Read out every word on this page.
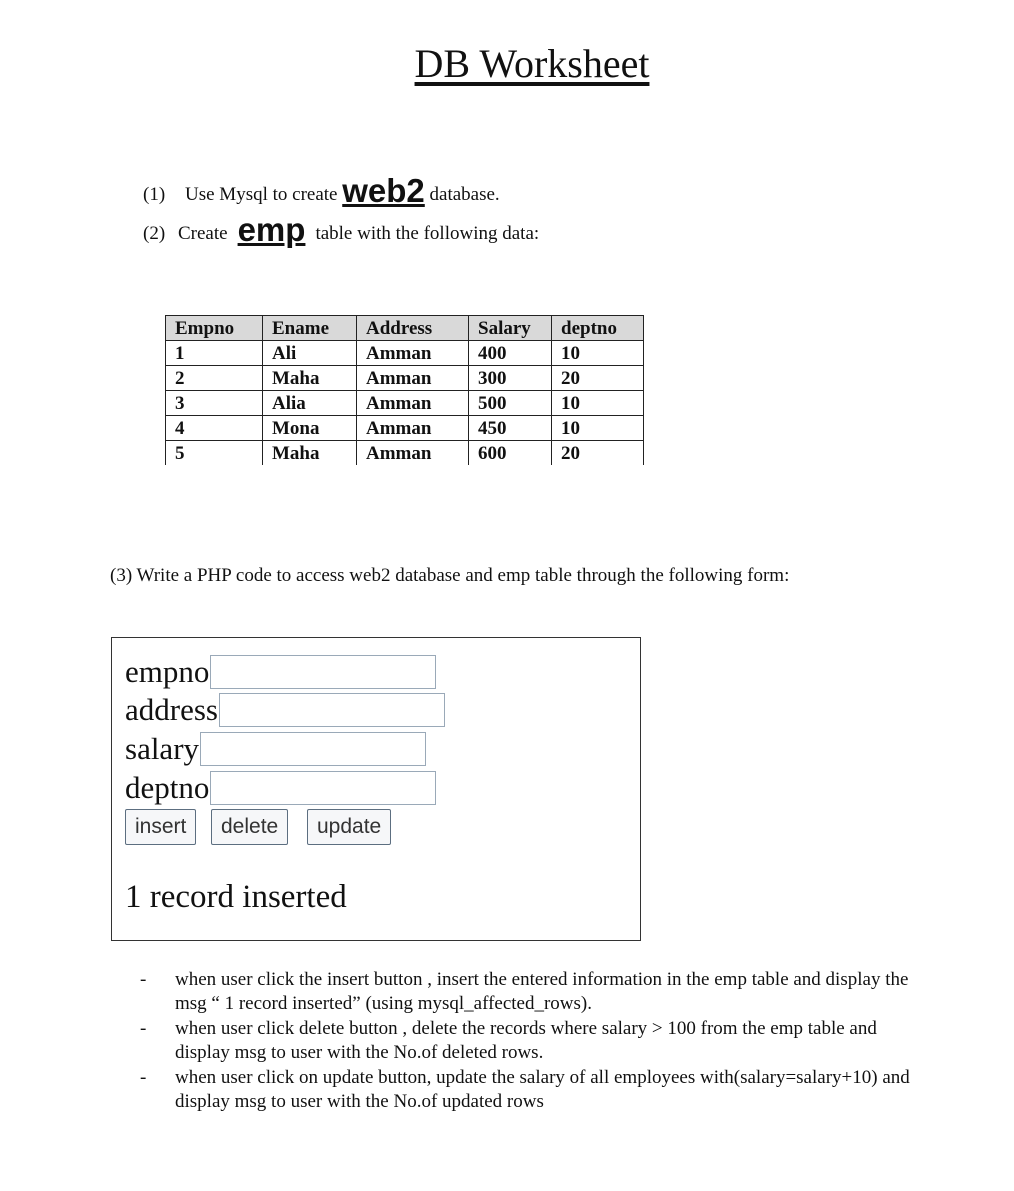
DB Worksheet
(1) Use Mysql to create web2 database.
(2) Create emp table with the following data:
Empno	Ename	Address	Salary	deptno
1	Ali	Amman	400	10
2	Maha	Amman	300	20
3	Alia	Amman	500	10
4	Mona	Amman	450	10
5	Maha	Amman	600	20
(3) Write a PHP code to access web2 database and emp table through the following form:
empno
address
salary
deptno
insert	delete	update
1 record inserted
- when user click the insert button , insert the entered information in the emp table and display the msg “ 1 record inserted” (using mysql_affected_rows).
- when user click delete button , delete the records where salary > 100 from the emp table and display msg to user with the No.of deleted rows.
- when user click on update button, update the salary of all employees with(salary=salary+10) and display msg to user with the No.of updated rows
